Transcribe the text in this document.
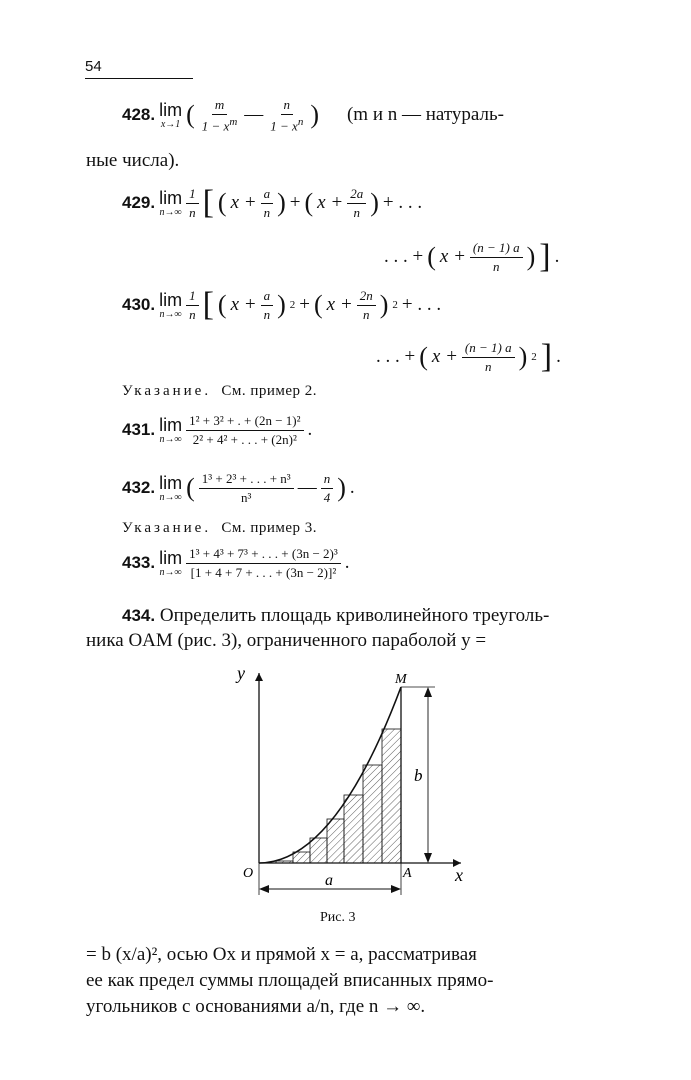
54
428. lim
x→1 ( $\frac{m}{1 - x^m}$ — $\frac{n}{1 - x^n}$ ) (m и n — натураль-
ные числа).
429. lim
$n\to\infty \frac{1}{n}$ [ ( $x + \frac{a}{n}$ ) + ( $x + \frac{2a}{n}$ ) + . . .
. . . + ( $x + \frac{(n - 1) a}{n}$ ) ] .
430. lim
$n\to\infty \frac{1}{n}$ [ ( $x + \frac{a}{n}$ ) 2 + ( $x + \frac{2n}{n}$ ) 2 + . . .
. . . + ( $x + \frac{(n - 1) a}{n}$ ) 2 ] .
Указание. См. пример 2.
431. lim
$n\to\infty \frac{\text{1² + 3² + . + (2n − 1)²}}{\text{2² + 4² + . . . + (2n)²}}$ .
432. lim
n→∞ ( $\frac{\text{1³ + 2³ + . . . + n³}}{\text{n³}}$ — $\frac{n}{4}$ ) .
Указание. См. пример 3.
433. lim
$n\to\infty \frac{\text{1³ + 4³ + 7³ + . . . + (3n − 2)³}}{\text{[1 + 4 + 7 + . . . + (3n − 2)]²}}$ .
434. Определить площадь криволинейного треуголь-
ника OAM (рис. 3), ограниченного параболой y =
y
x
O	A
M
a
b
Рис. 3
= b (x/a)², осью Ox и прямой x = a, рассматривая
ее как предел суммы площадей вписанных прямо-
угольников с основаниями a/n, где n → ∞.
